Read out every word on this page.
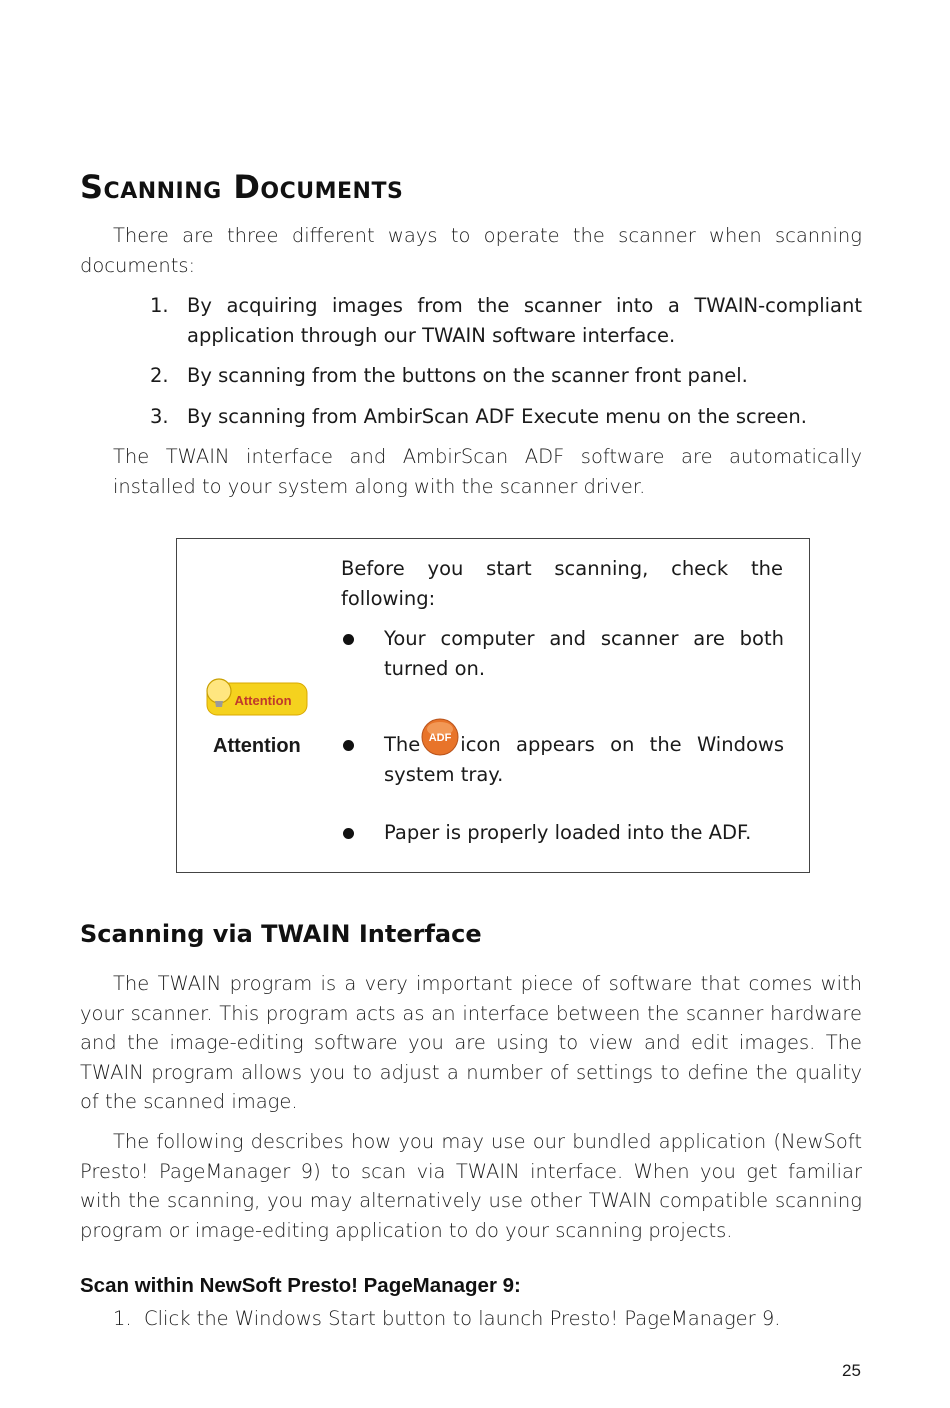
Scanning Documents

There are three different ways to operate the scanner when scanning documents:

1. By acquiring images from the scanner into a TWAIN-compliant application through our TWAIN software interface.
2. By scanning from the buttons on the scanner front panel.
3. By scanning from AmbirScan ADF Execute menu on the screen.

The TWAIN interface and AmbirScan ADF software are automatically installed to your system along with the scanner driver.

Attention
Attention

Before you start scanning, check the following:

Your computer and scanner are both turned on.

The ADF icon appears on the Windows system tray.

Paper is properly loaded into the ADF.

Scanning via TWAIN Interface

The TWAIN program is a very important piece of software that comes with your scanner. This program acts as an interface between the scanner hardware and the image-editing software you are using to view and edit images. The TWAIN program allows you to adjust a number of settings to define the quality of the scanned image.

The following describes how you may use our bundled application (NewSoft Presto! PageManager 9) to scan via TWAIN interface. When you get familiar with the scanning, you may alternatively use other TWAIN compatible scanning program or image-editing application to do your scanning projects.

Scan within NewSoft Presto! PageManager 9:

1. Click the Windows Start button to launch Presto! PageManager 9.

25
